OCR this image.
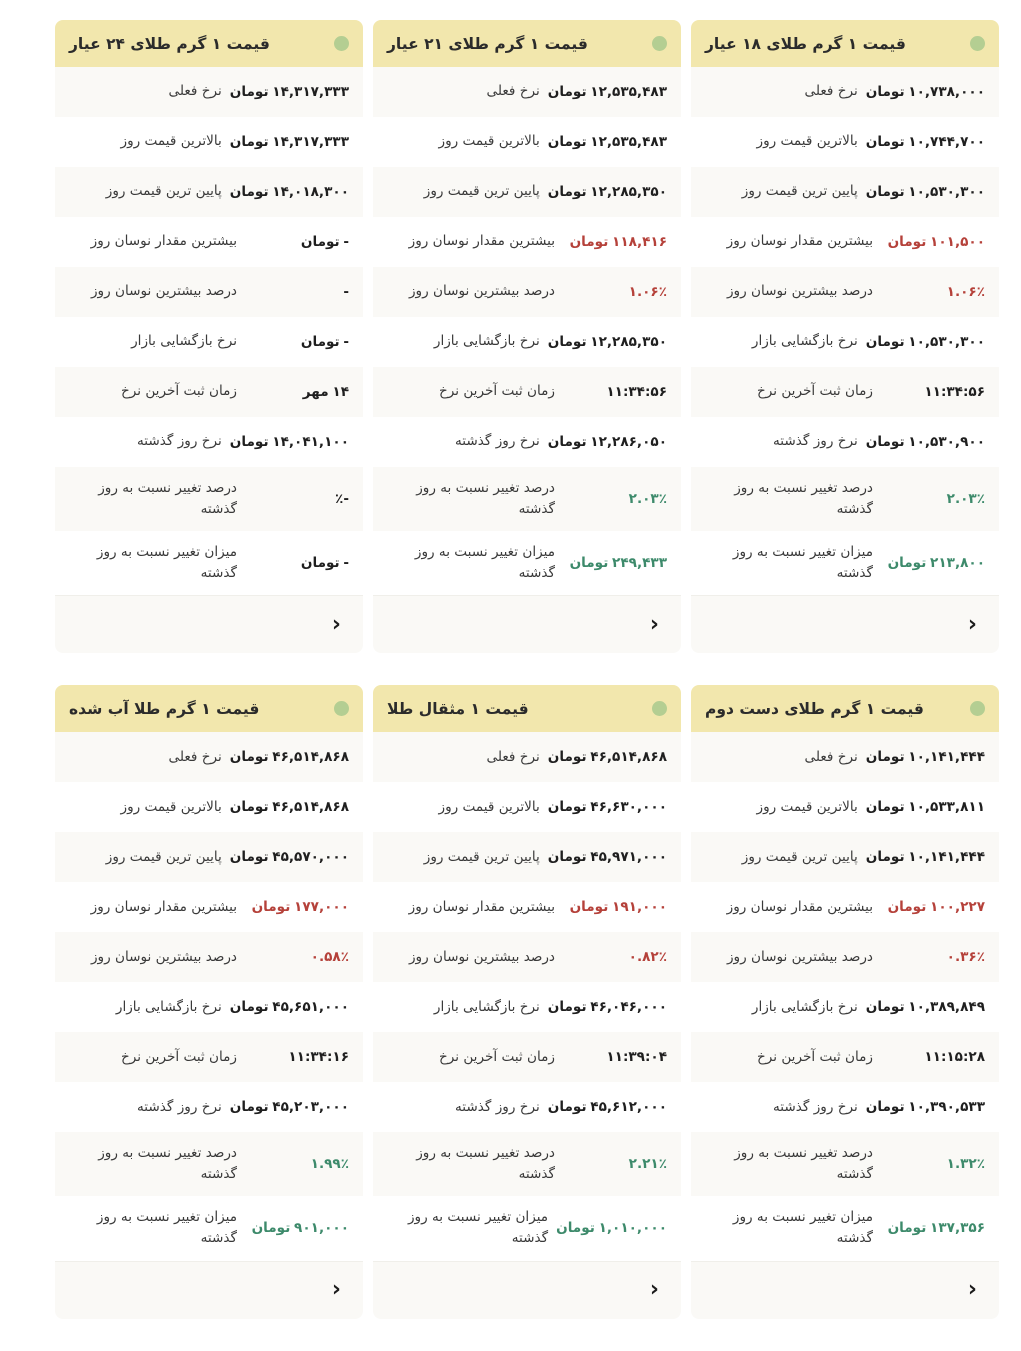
قیمت ۱ گرم طلای ۱۸ عیار
۱۰,۷۳۸,۰۰۰ تومان
نرخ فعلی
۱۰,۷۴۴,۷۰۰ تومان
بالاترین قیمت روز
۱۰,۵۳۰,۳۰۰ تومان
پایین ترین قیمت روز
۱۰۱,۵۰۰ تومان
بیشترین مقدار نوسان روز
۱.۰۶٪
درصد بیشترین نوسان روز
۱۰,۵۳۰,۳۰۰ تومان
نرخ بازگشایی بازار
۱۱:۳۴:۵۶
زمان ثبت آخرین نرخ
۱۰,۵۳۰,۹۰۰ تومان
نرخ روز گذشته
۲.۰۳٪
درصد تغییر نسبت به روز گذشته
۲۱۳,۸۰۰ تومان
میزان تغییر نسبت به روز گذشته
‹
قیمت ۱ گرم طلای ۲۱ عیار
۱۲,۵۳۵,۴۸۳ تومان
نرخ فعلی
۱۲,۵۳۵,۴۸۳ تومان
بالاترین قیمت روز
۱۲,۲۸۵,۳۵۰ تومان
پایین ترین قیمت روز
۱۱۸,۴۱۶ تومان
بیشترین مقدار نوسان روز
۱.۰۶٪
درصد بیشترین نوسان روز
۱۲,۲۸۵,۳۵۰ تومان
نرخ بازگشایی بازار
۱۱:۳۴:۵۶
زمان ثبت آخرین نرخ
۱۲,۲۸۶,۰۵۰ تومان
نرخ روز گذشته
۲.۰۳٪
درصد تغییر نسبت به روز گذشته
۲۴۹,۴۳۳ تومان
میزان تغییر نسبت به روز گذشته
‹
قیمت ۱ گرم طلای ۲۴ عیار
۱۴,۳۱۷,۳۳۳ تومان
نرخ فعلی
۱۴,۳۱۷,۳۳۳ تومان
بالاترین قیمت روز
۱۴,۰۱۸,۳۰۰ تومان
پایین ترین قیمت روز
- تومان
بیشترین مقدار نوسان روز
-
درصد بیشترین نوسان روز
- تومان
نرخ بازگشایی بازار
۱۴ مهر
زمان ثبت آخرین نرخ
۱۴,۰۴۱,۱۰۰ تومان
نرخ روز گذشته
-٪
درصد تغییر نسبت به روز گذشته
- تومان
میزان تغییر نسبت به روز گذشته
‹
قیمت ۱ گرم طلای دست دوم
۱۰,۱۴۱,۴۴۴ تومان
نرخ فعلی
۱۰,۵۳۳,۸۱۱ تومان
بالاترین قیمت روز
۱۰,۱۴۱,۴۴۴ تومان
پایین ترین قیمت روز
۱۰۰,۲۲۷ تومان
بیشترین مقدار نوسان روز
۰.۳۶٪
درصد بیشترین نوسان روز
۱۰,۳۸۹,۸۴۹ تومان
نرخ بازگشایی بازار
۱۱:۱۵:۲۸
زمان ثبت آخرین نرخ
۱۰,۳۹۰,۵۳۳ تومان
نرخ روز گذشته
۱.۳۲٪
درصد تغییر نسبت به روز گذشته
۱۳۷,۳۵۶ تومان
میزان تغییر نسبت به روز گذشته
‹
قیمت ۱ مثقال طلا
۴۶,۵۱۴,۸۶۸ تومان
نرخ فعلی
۴۶,۶۳۰,۰۰۰ تومان
بالاترین قیمت روز
۴۵,۹۷۱,۰۰۰ تومان
پایین ترین قیمت روز
۱۹۱,۰۰۰ تومان
بیشترین مقدار نوسان روز
۰.۸۲٪
درصد بیشترین نوسان روز
۴۶,۰۴۶,۰۰۰ تومان
نرخ بازگشایی بازار
۱۱:۳۹:۰۴
زمان ثبت آخرین نرخ
۴۵,۶۱۲,۰۰۰ تومان
نرخ روز گذشته
۲.۲۱٪
درصد تغییر نسبت به روز گذشته
۱,۰۱۰,۰۰۰ تومان
میزان تغییر نسبت به روز گذشته
‹
قیمت ۱ گرم طلا آب شده
۴۶,۵۱۴,۸۶۸ تومان
نرخ فعلی
۴۶,۵۱۴,۸۶۸ تومان
بالاترین قیمت روز
۴۵,۵۷۰,۰۰۰ تومان
پایین ترین قیمت روز
۱۷۷,۰۰۰ تومان
بیشترین مقدار نوسان روز
۰.۵۸٪
درصد بیشترین نوسان روز
۴۵,۶۵۱,۰۰۰ تومان
نرخ بازگشایی بازار
۱۱:۳۴:۱۶
زمان ثبت آخرین نرخ
۴۵,۲۰۳,۰۰۰ تومان
نرخ روز گذشته
۱.۹۹٪
درصد تغییر نسبت به روز گذشته
۹۰۱,۰۰۰ تومان
میزان تغییر نسبت به روز گذشته
‹
